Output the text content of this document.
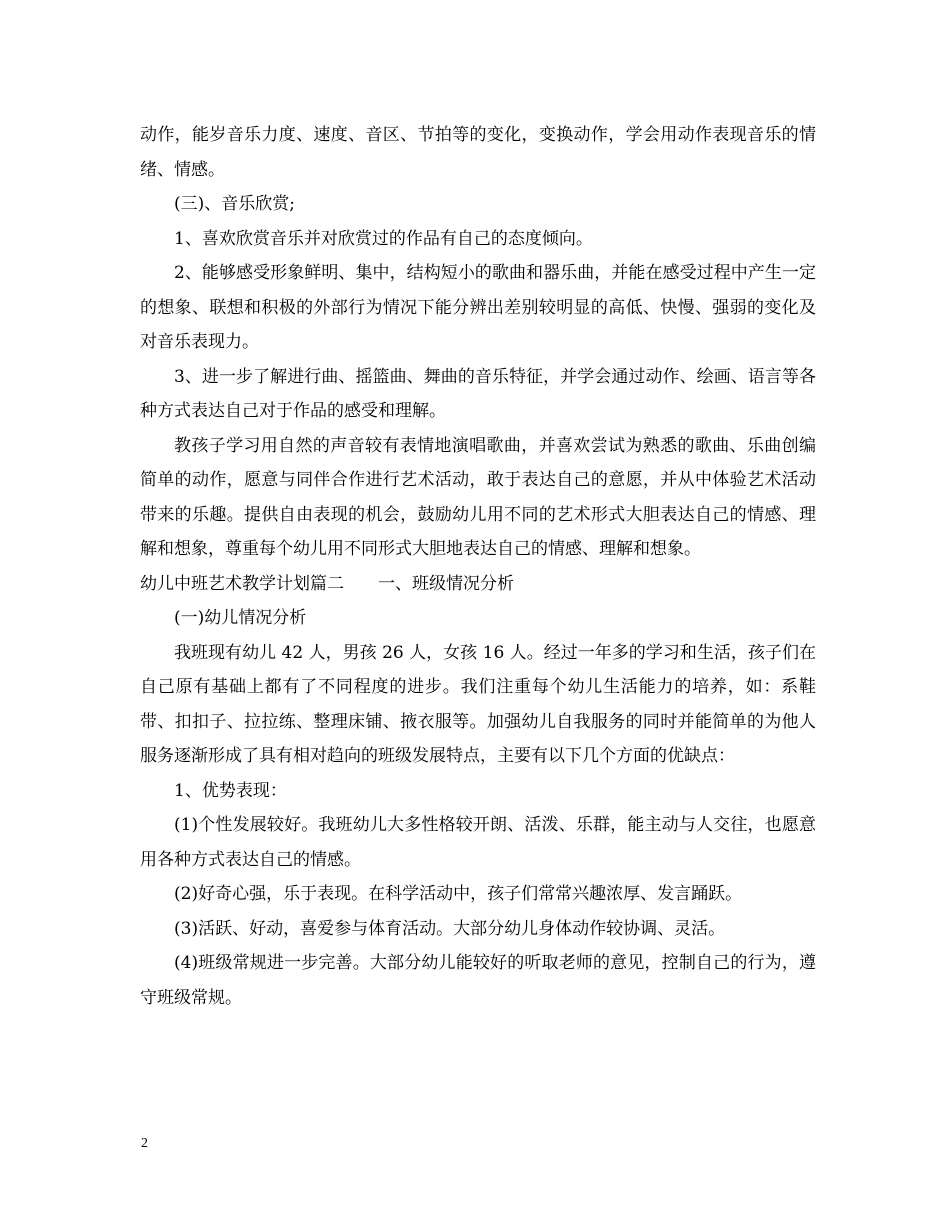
动作，能岁音乐力度、速度、音区、节拍等的变化，变换动作，学会用动作表现音乐的情绪、情感。

(三)、音乐欣赏;

1、喜欢欣赏音乐并对欣赏过的作品有自己的态度倾向。

2、能够感受形象鲜明、集中，结构短小的歌曲和器乐曲，并能在感受过程中产生一定的想象、联想和积极的外部行为情况下能分辨出差别较明显的高低、快慢、强弱的变化及对音乐表现力。

3、进一步了解进行曲、摇篮曲、舞曲的音乐特征，并学会通过动作、绘画、语言等各种方式表达自己对于作品的感受和理解。

教孩子学习用自然的声音较有表情地演唱歌曲，并喜欢尝试为熟悉的歌曲、乐曲创编简单的动作，愿意与同伴合作进行艺术活动，敢于表达自己的意愿，并从中体验艺术活动带来的乐趣。提供自由表现的机会，鼓励幼儿用不同的艺术形式大胆表达自己的情感、理解和想象，尊重每个幼儿用不同形式大胆地表达自己的情感、理解和想象。

幼儿中班艺术教学计划篇二　　一、班级情况分析

(一)幼儿情况分析

我班现有幼儿 42 人，男孩 26 人，女孩 16 人。经过一年多的学习和生活，孩子们在自己原有基础上都有了不同程度的进步。我们注重每个幼儿生活能力的培养，如：系鞋带、扣扣子、拉拉练、整理床铺、掖衣服等。加强幼儿自我服务的同时并能简单的为他人服务逐渐形成了具有相对趋向的班级发展特点，主要有以下几个方面的优缺点：

1、优势表现：

(1)个性发展较好。我班幼儿大多性格较开朗、活泼、乐群，能主动与人交往，也愿意用各种方式表达自己的情感。

(2)好奇心强，乐于表现。在科学活动中，孩子们常常兴趣浓厚、发言踊跃。

(3)活跃、好动，喜爱参与体育活动。大部分幼儿身体动作较协调、灵活。

(4)班级常规进一步完善。大部分幼儿能较好的听取老师的意见，控制自己的行为，遵守班级常规。

2
